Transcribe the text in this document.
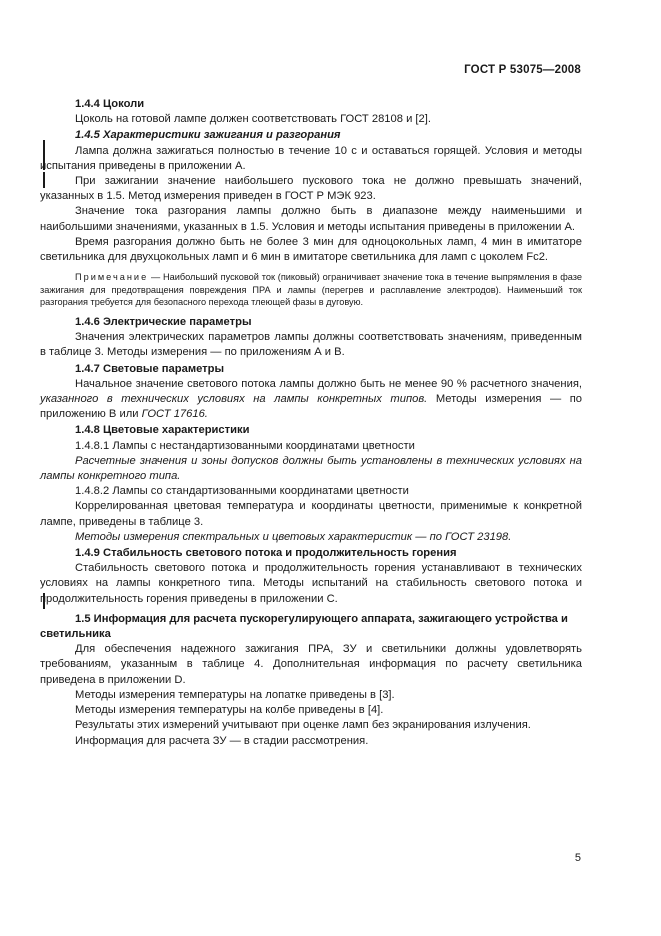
ГОСТ Р 53075—2008

1.4.4 Цоколи

Цоколь на готовой лампе должен соответствовать ГОСТ 28108 и [2].

1.4.5 Характеристики зажигания и разгорания

Лампа должна зажигаться полностью в течение 10 с и оставаться горящей. Условия и методы испытания приведены в приложении А.

При зажигании значение наибольшего пускового тока не должно превышать значений, указанных в 1.5. Метод измерения приведен в ГОСТ Р МЭК 923.

Значение тока разгорания лампы должно быть в диапазоне между наименьшими и наибольшими значениями, указанных в 1.5. Условия и методы испытания приведены в приложении А.

Время разгорания должно быть не более 3 мин для одноцокольных ламп, 4 мин в имитаторе светильника для двухцокольных ламп и 6 мин в имитаторе светильника для ламп с цоколем Fc2.

Примечание — Наибольший пусковой ток (пиковый) ограничивает значение тока в течение выпрямления в фазе зажигания для предотвращения повреждения ПРА и лампы (перегрев и расплавление электродов). Наименьший ток разгорания требуется для безопасного перехода тлеющей фазы в дуговую.

1.4.6 Электрические параметры

Значения электрических параметров лампы должны соответствовать значениям, приведенным в таблице 3. Методы измерения — по приложениям А и В.

1.4.7 Световые параметры

Начальное значение светового потока лампы должно быть не менее 90 % расчетного значения, указанного в технических условиях на лампы конкретных типов. Методы измерения — по приложению В или ГОСТ 17616.

1.4.8 Цветовые характеристики

1.4.8.1 Лампы с нестандартизованными координатами цветности

Расчетные значения и зоны допусков должны быть установлены в технических условиях на лампы конкретного типа.

1.4.8.2 Лампы со стандартизованными координатами цветности

Коррелированная цветовая температура и координаты цветности, применимые к конкретной лампе, приведены в таблице 3.

Методы измерения спектральных и цветовых характеристик — по ГОСТ 23198.

1.4.9 Стабильность светового потока и продолжительность горения

Стабильность светового потока и продолжительность горения устанавливают в технических условиях на лампы конкретного типа. Методы испытаний на стабильность светового потока и продолжительность горения приведены в приложении С.

1.5 Информация для расчета пускорегулирующего аппарата, зажигающего устройства и светильника

Для обеспечения надежного зажигания ПРА, ЗУ и светильники должны удовлетворять требованиям, указанным в таблице 4. Дополнительная информация по расчету светильника приведена в приложении D.

Методы измерения температуры на лопатке приведены в [3].

Методы измерения температуры на колбе приведены в [4].

Результаты этих измерений учитывают при оценке ламп без экранирования излучения.

Информация для расчета ЗУ — в стадии рассмотрения.

5
